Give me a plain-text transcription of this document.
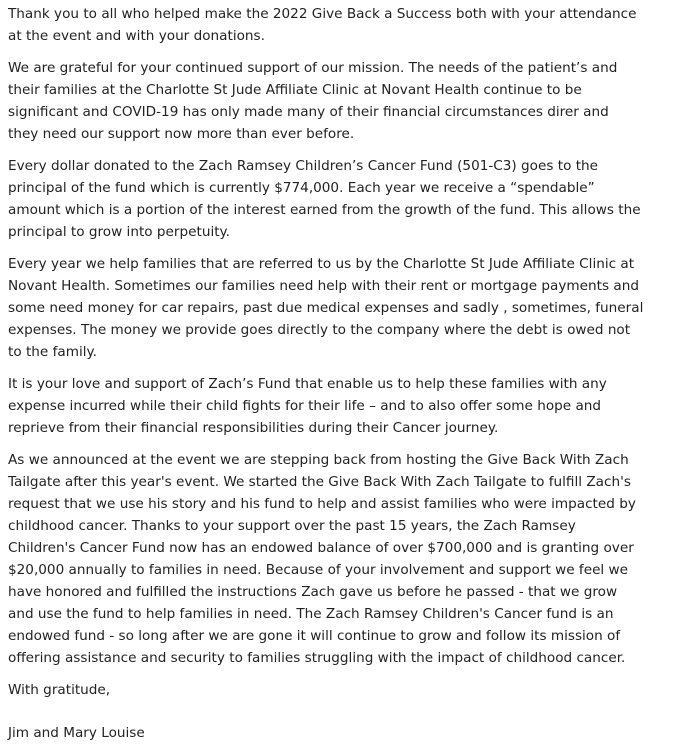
Thank you to all who helped make the 2022 Give Back a Success both with your attendance
at the event and with your donations.

We are grateful for your continued support of our mission. The needs of the patient’s and
their families at the Charlotte St Jude Affiliate Clinic at Novant Health continue to be
significant and COVID-19 has only made many of their financial circumstances direr and
they need our support now more than ever before.

Every dollar donated to the Zach Ramsey Children’s Cancer Fund (501-C3) goes to the
principal of the fund which is currently $774,000. Each year we receive a “spendable”
amount which is a portion of the interest earned from the growth of the fund. This allows the
principal to grow into perpetuity.

Every year we help families that are referred to us by the Charlotte St Jude Affiliate Clinic at
Novant Health. Sometimes our families need help with their rent or mortgage payments and
some need money for car repairs, past due medical expenses and sadly , sometimes, funeral
expenses. The money we provide goes directly to the company where the debt is owed not
to the family.

It is your love and support of Zach’s Fund that enable us to help these families with any
expense incurred while their child fights for their life – and to also offer some hope and
reprieve from their financial responsibilities during their Cancer journey.

As we announced at the event we are stepping back from hosting the Give Back With Zach
Tailgate after this year's event. We started the Give Back With Zach Tailgate to fulfill Zach's
request that we use his story and his fund to help and assist families who were impacted by
childhood cancer. Thanks to your support over the past 15 years, the Zach Ramsey
Children's Cancer Fund now has an endowed balance of over $700,000 and is granting over
$20,000 annually to families in need. Because of your involvement and support we feel we
have honored and fulfilled the instructions Zach gave us before he passed - that we grow
and use the fund to help families in need. The Zach Ramsey Children's Cancer fund is an
endowed fund - so long after we are gone it will continue to grow and follow its mission of
offering assistance and security to families struggling with the impact of childhood cancer.

With gratitude,

Jim and Mary Louise
